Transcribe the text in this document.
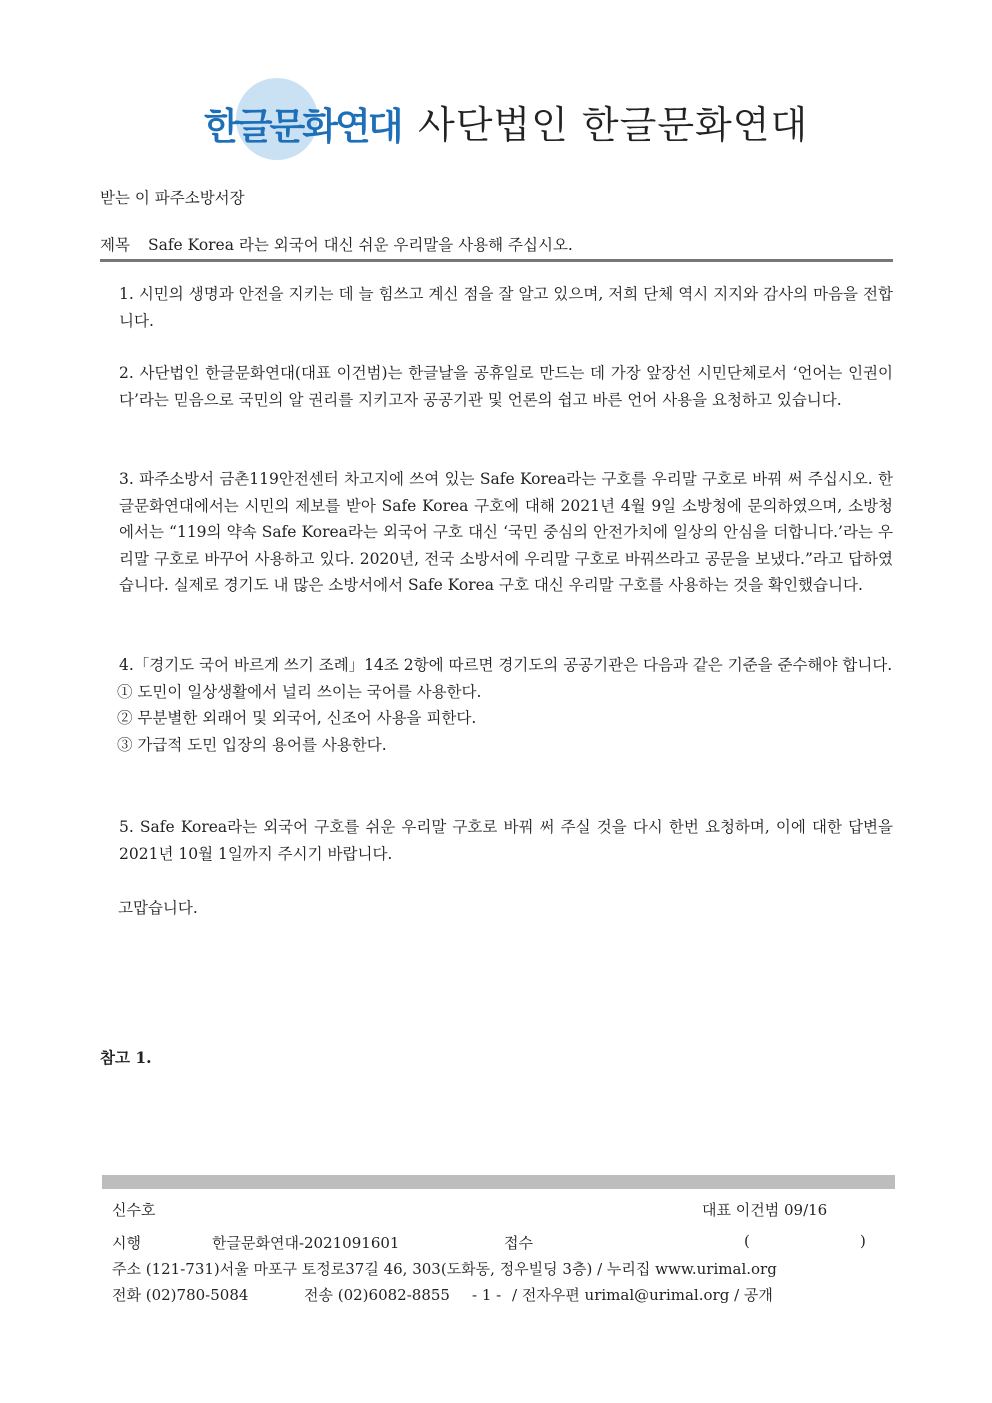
한글문화연대 사단법인 한글문화연대
받는 이 파주소방서장
제목 Safe Korea 라는 외국어 대신 쉬운 우리말을 사용해 주십시오.

1. 시민의 생명과 안전을 지키는 데 늘 힘쓰고 계신 점을 잘 알고 있으며, 저희 단체 역시 지지와 감사의 마음을 전합니다.

2. 사단법인 한글문화연대(대표 이건범)는 한글날을 공휴일로 만드는 데 가장 앞장선 시민단체로서 ‘언어는 인권이다’라는 믿음으로 국민의 알 권리를 지키고자 공공기관 및 언론의 쉽고 바른 언어 사용을 요청하고 있습니다.

3. 파주소방서 금촌119안전센터 차고지에 쓰여 있는 Safe Korea라는 구호를 우리말 구호로 바꿔 써 주십시오. 한글문화연대에서는 시민의 제보를 받아 Safe Korea 구호에 대해 2021년 4월 9일 소방청에 문의하였으며, 소방청에서는 “119의 약속 Safe Korea라는 외국어 구호 대신 ‘국민 중심의 안전가치에 일상의 안심을 더합니다.’라는 우리말 구호로 바꾸어 사용하고 있다. 2020년, 전국 소방서에 우리말 구호로 바꿔쓰라고 공문을 보냈다.”라고 답하였습니다. 실제로 경기도 내 많은 소방서에서 Safe Korea 구호 대신 우리말 구호를 사용하는 것을 확인했습니다.

4.「경기도 국어 바르게 쓰기 조례」14조 2항에 따르면 경기도의 공공기관은 다음과 같은 기준을 준수해야 합니다.

① 도민이 일상생활에서 널리 쓰이는 국어를 사용한다.

② 무분별한 외래어 및 외국어, 신조어 사용을 피한다.

③ 가급적 도민 입장의 용어를 사용한다.

5. Safe Korea라는 외국어 구호를 쉬운 우리말 구호로 바꿔 써 주실 것을 다시 한번 요청하며, 이에 대한 답변을 2021년 10월 1일까지 주시기 바랍니다.

고맙습니다.
참고 1.
신수호	대표 이건범 09/16
시행	한글문화연대-2021091601	접수	(	)
주소 (121-731)서울 마포구 토정로37길 46, 303(도화동, 정우빌딩 3층) / 누리집 www.urimal.org
전화 (02)780-5084	전송 (02)6082-8855 - 1 - / 전자우편 urimal@urimal.org / 공개
